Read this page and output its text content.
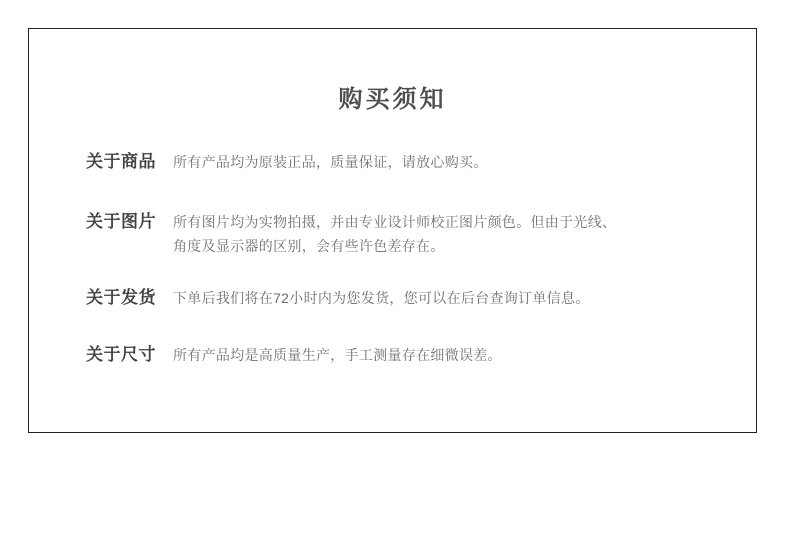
购买须知
关于商品	所有产品均为原装正品，质量保证，请放心购买。
关于图片	所有图片均为实物拍摄，并由专业设计师校正图片颜色。但由于光线、
角度及显示器的区别，会有些许色差存在。
关于发货	下单后我们将在72小时内为您发货，您可以在后台查询订单信息。
关于尺寸	所有产品均是高质量生产，手工测量存在细微误差。
